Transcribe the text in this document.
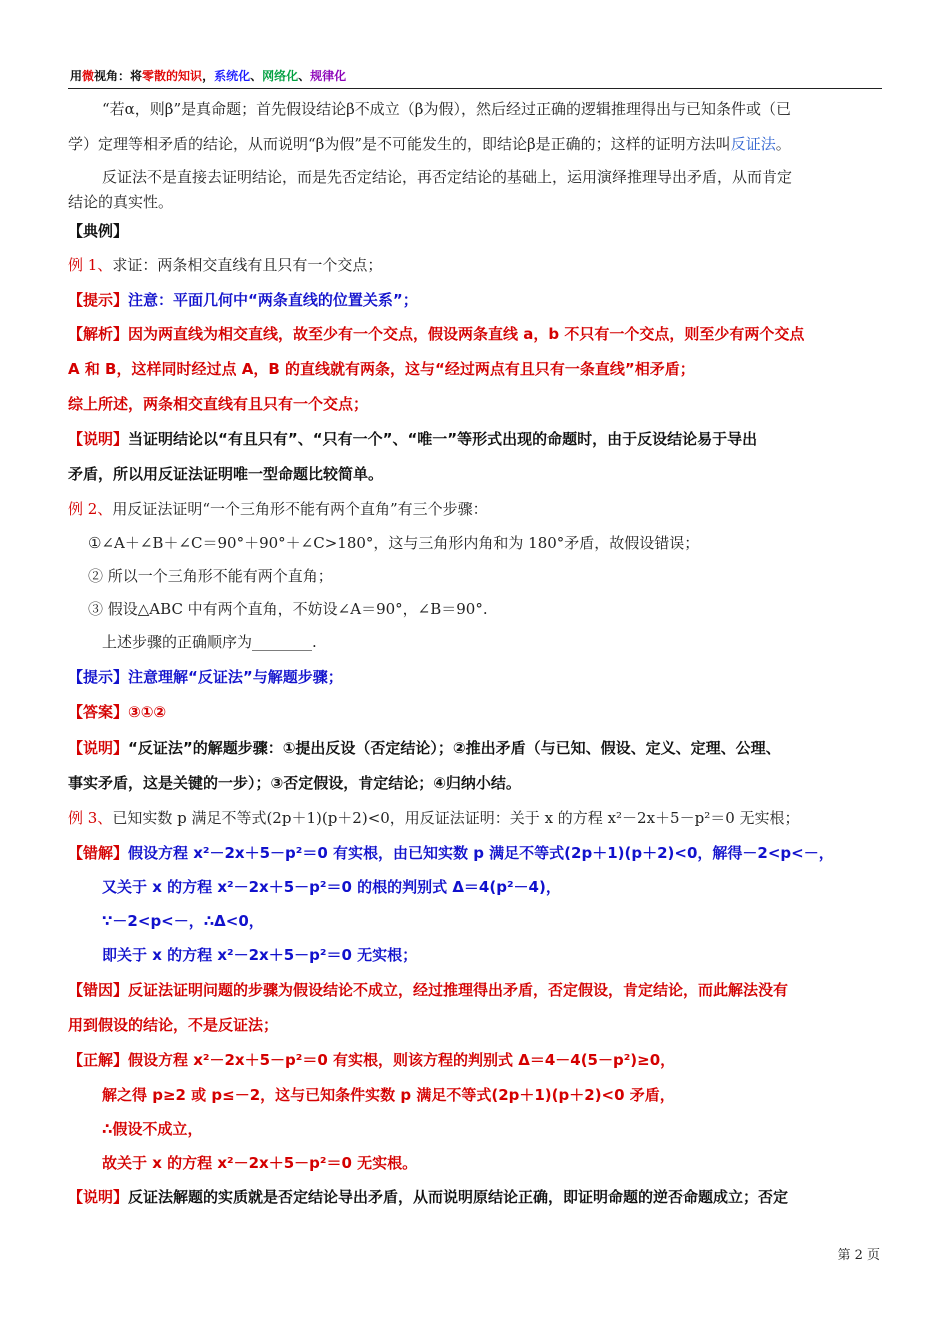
用微视角：将零散的知识，系统化、网络化、规律化
“若α，则β”是真命题；首先假设结论β不成立（β为假），然后经过正确的逻辑推理得出与已知条件或（已
学）定理等相矛盾的结论，从而说明“β为假”是不可能发生的，即结论β是正确的；这样的证明方法叫反证法。
反证法不是直接去证明结论，而是先否定结论，再否定结论的基础上，运用演绎推理导出矛盾，从而肯定
结论的真实性。
【典例】
例 1、求证：两条相交直线有且只有一个交点；
【提示】注意：平面几何中“两条直线的位置关系”；
【解析】因为两直线为相交直线，故至少有一个交点，假设两条直线 a，b 不只有一个交点，则至少有两个交点
A 和 B，这样同时经过点 A，B 的直线就有两条，这与“经过两点有且只有一条直线”相矛盾；
综上所述，两条相交直线有且只有一个交点；
【说明】当证明结论以“有且只有”、“只有一个”、“唯一”等形式出现的命题时，由于反设结论易于导出
矛盾，所以用反证法证明唯一型命题比较简单。
例 2、用反证法证明“一个三角形不能有两个直角”有三个步骤：
①∠A＋∠B＋∠C＝90°＋90°＋∠C>180°，这与三角形内角和为 180°矛盾，故假设错误；
② 所以一个三角形不能有两个直角；
③ 假设△ABC 中有两个直角，不妨设∠A＝90°，∠B＝90°.
上述步骤的正确顺序为________.
【提示】注意理解“反证法”与解题步骤；
【答案】③①②
【说明】“反证法”的解题步骤：①提出反设（否定结论）；②推出矛盾（与已知、假设、定义、定理、公理、
事实矛盾，这是关键的一步）；③否定假设，肯定结论；④归纳小结。
例 3、已知实数 p 满足不等式(2p＋1)(p＋2)<0，用反证法证明：关于 x 的方程 x²－2x＋5－p²＝0 无实根；
【错解】假设方程 x²－2x＋5－p²＝0 有实根，由已知实数 p 满足不等式(2p＋1)(p＋2)<0，解得－2<p<－，
又关于 x 的方程 x²－2x＋5－p²＝0 的根的判别式 Δ＝4(p²－4)，
∵－2<p<－，∴Δ<0，
即关于 x 的方程 x²－2x＋5－p²＝0 无实根；
【错因】反证法证明问题的步骤为假设结论不成立，经过推理得出矛盾，否定假设，肯定结论，而此解法没有
用到假设的结论，不是反证法；
【正解】假设方程 x²－2x＋5－p²＝0 有实根，则该方程的判别式 Δ＝4－4(5－p²)≥0，
解之得 p≥2 或 p≤－2，这与已知条件实数 p 满足不等式(2p＋1)(p＋2)<0 矛盾，
∴假设不成立，
故关于 x 的方程 x²－2x＋5－p²＝0 无实根。
【说明】反证法解题的实质就是否定结论导出矛盾，从而说明原结论正确，即证明命题的逆否命题成立；否定
第 2 页
